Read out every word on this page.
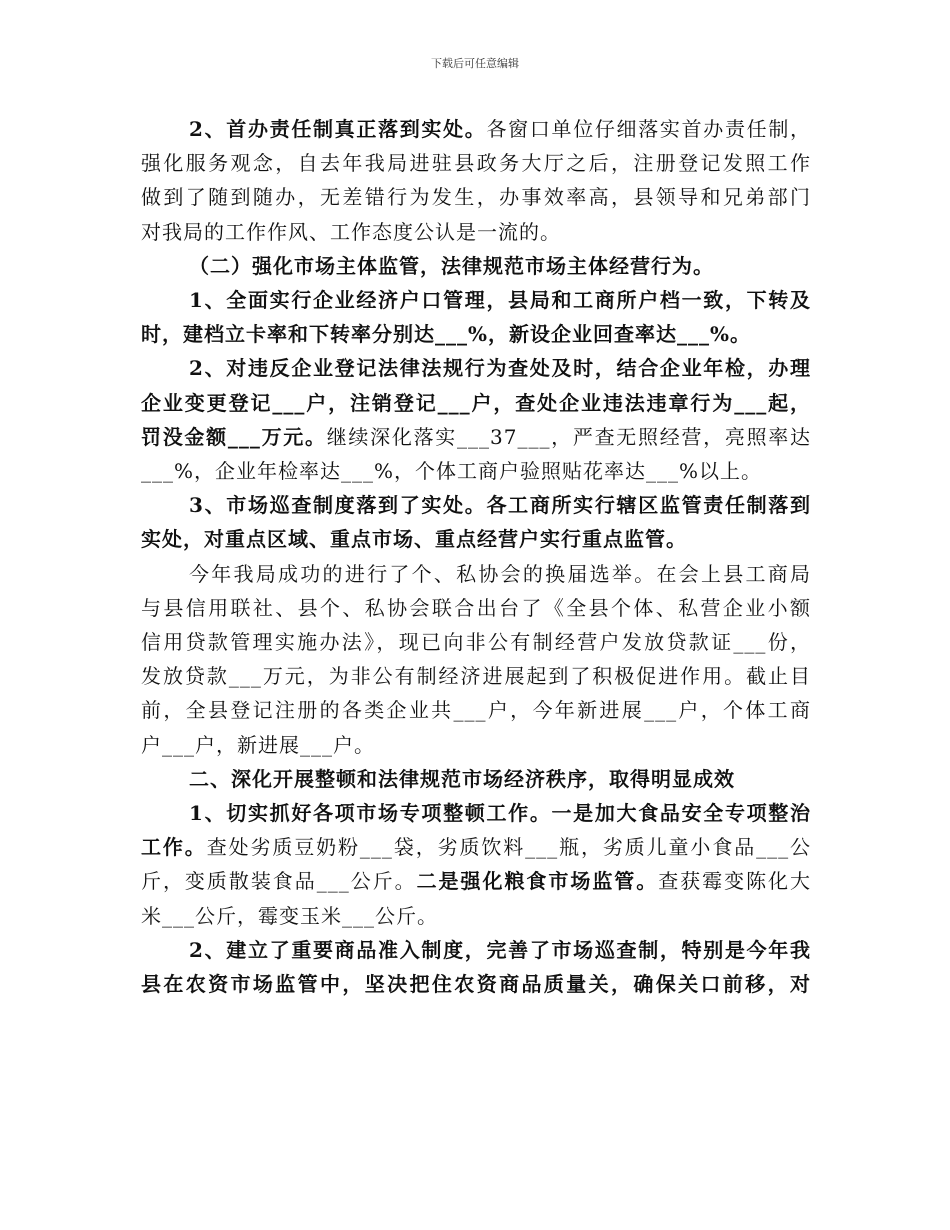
下载后可任意编辑

2、首办责任制真正落到实处。各窗口单位仔细落实首办责任制，

强化服务观念，自去年我局进驻县政务大厅之后，注册登记发照工作

做到了随到随办，无差错行为发生，办事效率高，县领导和兄弟部门

对我局的工作作风、工作态度公认是一流的。

（二）强化市场主体监管，法律规范市场主体经营行为。

1、全面实行企业经济户口管理，县局和工商所户档一致，下转及

时，建档立卡率和下转率分别达___%，新设企业回查率达___%。

2、对违反企业登记法律法规行为查处及时，结合企业年检，办理

企业变更登记___户，注销登记___户，查处企业违法违章行为___起，

罚没金额___万元。继续深化落实___37___，严查无照经营，亮照率达

___%，企业年检率达___%，个体工商户验照贴花率达___%以上。

3、市场巡查制度落到了实处。各工商所实行辖区监管责任制落到

实处，对重点区域、重点市场、重点经营户实行重点监管。

今年我局成功的进行了个、私协会的换届选举。在会上县工商局

与县信用联社、县个、私协会联合出台了《全县个体、私营企业小额

信用贷款管理实施办法》，现已向非公有制经营户发放贷款证___份，

发放贷款___万元，为非公有制经济进展起到了积极促进作用。截止目

前，全县登记注册的各类企业共___户，今年新进展___户，个体工商

户___户，新进展___户。

二、深化开展整顿和法律规范市场经济秩序，取得明显成效

1、切实抓好各项市场专项整顿工作。一是加大食品安全专项整治

工作。查处劣质豆奶粉___袋，劣质饮料___瓶，劣质儿童小食品___公

斤，变质散装食品___公斤。二是强化粮食市场监管。查获霉变陈化大

米___公斤，霉变玉米___公斤。

2、建立了重要商品准入制度，完善了市场巡查制，特别是今年我

县在农资市场监管中，坚决把住农资商品质量关，确保关口前移，对
